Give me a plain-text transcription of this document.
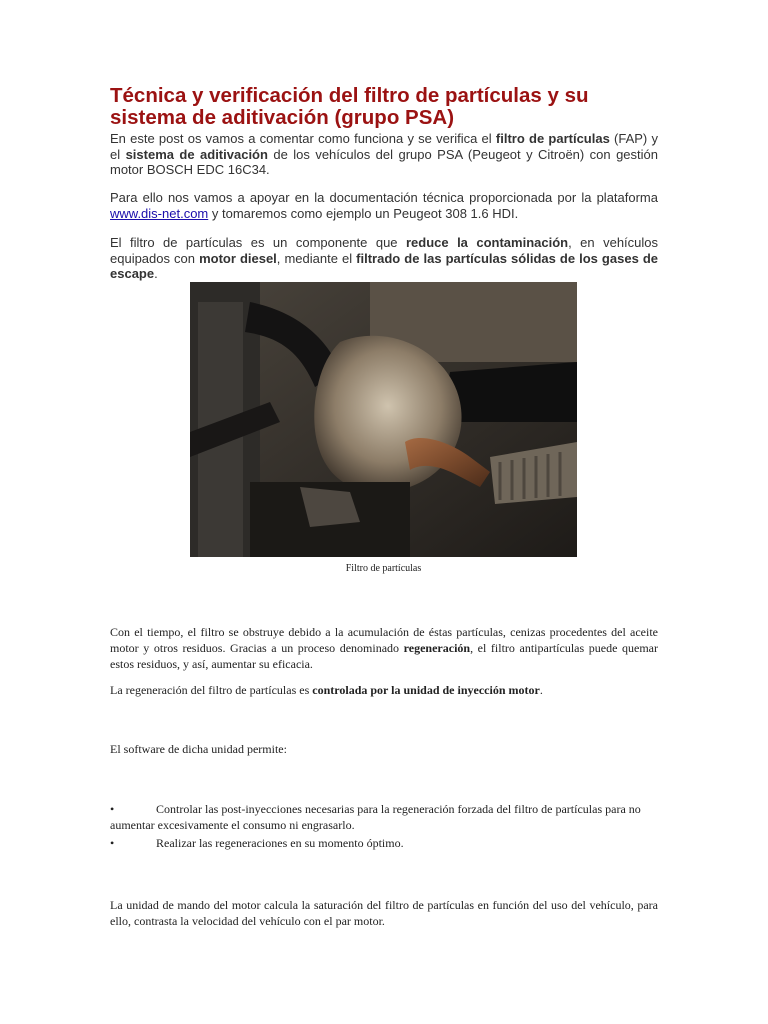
Técnica y verificación del filtro de partículas y su sistema de aditivación (grupo PSA)

En este post os vamos a comentar como funciona y se verifica el filtro de partículas (FAP) y el sistema de aditivación de los vehículos del grupo PSA (Peugeot y Citroën) con gestión motor BOSCH EDC 16C34.

Para ello nos vamos a apoyar en la documentación técnica proporcionada por la plataforma www.dis-net.com y tomaremos como ejemplo un Peugeot 308 1.6 HDI.

El filtro de partículas es un componente que reduce la contaminación, en vehículos equipados con motor diesel, mediante el filtrado de las partículas sólidas de los gases de escape.

Filtro de partículas

Con el tiempo, el filtro se obstruye debido a la acumulación de éstas partículas, cenizas procedentes del aceite motor y otros residuos. Gracias a un proceso denominado regeneración, el filtro antipartículas puede quemar estos residuos, y así, aumentar su eficacia.

La regeneración del filtro de partículas es controlada por la unidad de inyección motor.

El software de dicha unidad permite:

•	Controlar las post-inyecciones necesarias para la regeneración forzada del filtro de partículas para no aumentar excesivamente el consumo ni engrasarlo.
•	Realizar las regeneraciones en su momento óptimo.

La unidad de mando del motor calcula la saturación del filtro de partículas en función del uso del vehículo, para ello, contrasta la velocidad del vehículo con el par motor.
